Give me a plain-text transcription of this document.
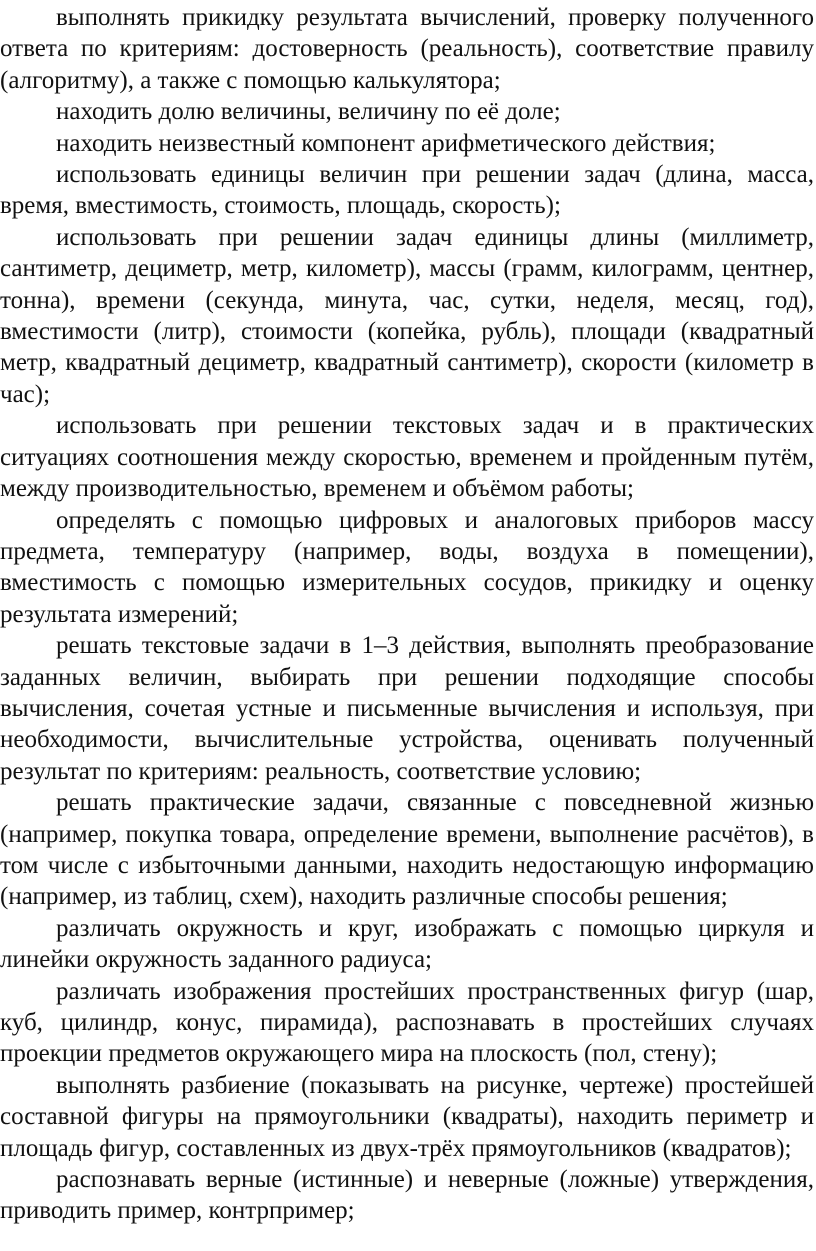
выполнять прикидку результата вычислений, проверку полученного ответа по критериям: достоверность (реальность), соответствие правилу (алгоритму), а также с помощью калькулятора;

находить долю величины, величину по её доле;

находить неизвестный компонент арифметического действия;

использовать единицы величин при решении задач (длина, масса, время, вместимость, стоимость, площадь, скорость);

использовать при решении задач единицы длины (миллиметр, сантиметр, дециметр, метр, километр), массы (грамм, килограмм, центнер, тонна), времени (секунда, минута, час, сутки, неделя, месяц, год), вместимости (литр), стоимости (копейка, рубль), площади (квадратный метр, квадратный дециметр, квадратный сантиметр), скорости (километр в час);

использовать при решении текстовых задач и в практических ситуациях соотношения между скоростью, временем и пройденным путём, между производительностью, временем и объёмом работы;

определять с помощью цифровых и аналоговых приборов массу предмета, температуру (например, воды, воздуха в помещении), вместимость с помощью измерительных сосудов, прикидку и оценку результата измерений;

решать текстовые задачи в 1–3 действия, выполнять преобразование заданных величин, выбирать при решении подходящие способы вычисления, сочетая устные и письменные вычисления и используя, при необходимости, вычислительные устройства, оценивать полученный результат по критериям: реальность, соответствие условию;

решать практические задачи, связанные с повседневной жизнью (например, покупка товара, определение времени, выполнение расчётов), в том числе с избыточными данными, находить недостающую информацию (например, из таблиц, схем), находить различные способы решения;

различать окружность и круг, изображать с помощью циркуля и линейки окружность заданного радиуса;

различать изображения простейших пространственных фигур (шар, куб, цилиндр, конус, пирамида), распознавать в простейших случаях проекции предметов окружающего мира на плоскость (пол, стену);

выполнять разбиение (показывать на рисунке, чертеже) простейшей составной фигуры на прямоугольники (квадраты), находить периметр и площадь фигур, составленных из двух-трёх прямоугольников (квадратов);

распознавать верные (истинные) и неверные (ложные) утверждения, приводить пример, контрпример;
